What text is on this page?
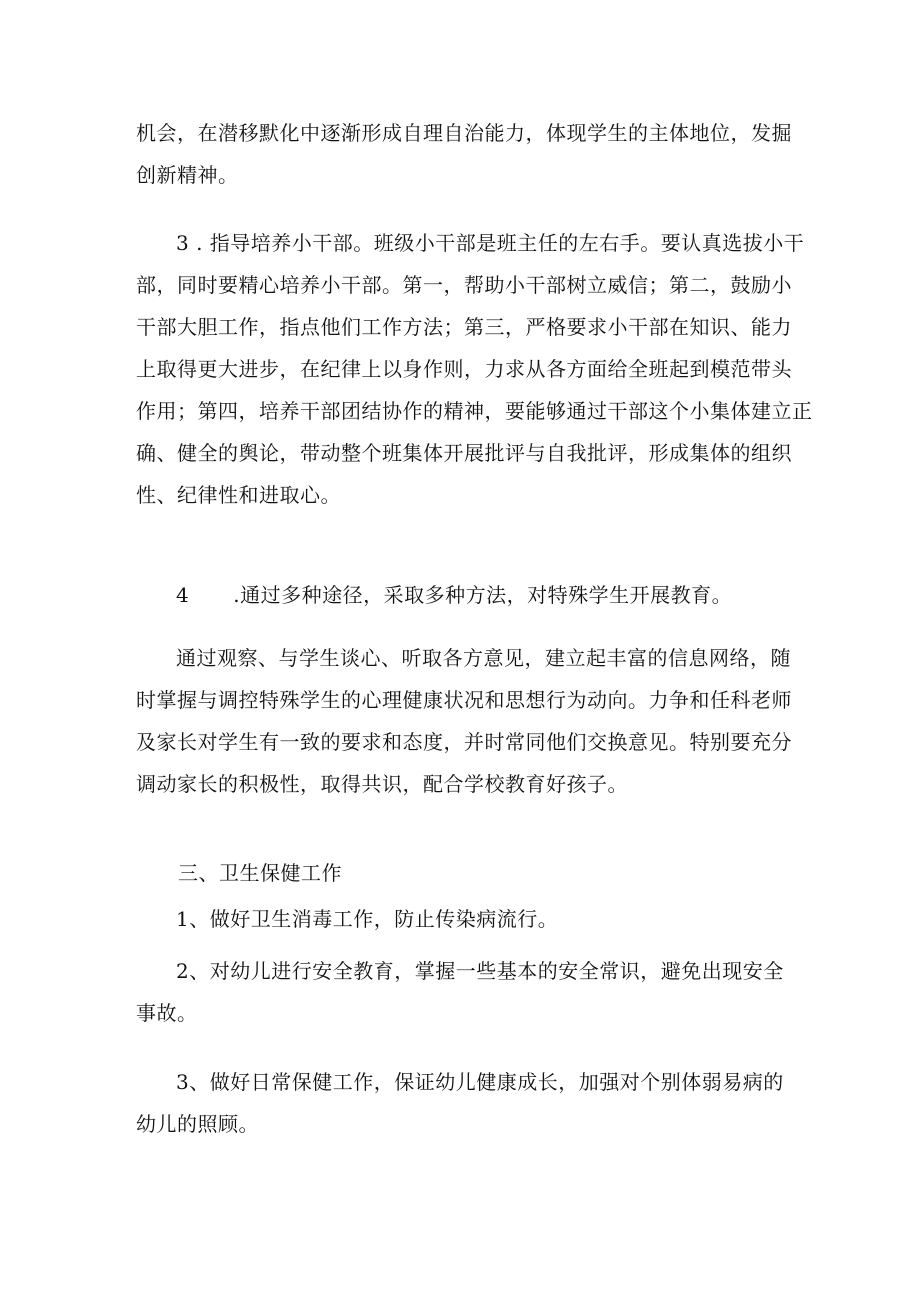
机会，在潜移默化中逐渐形成自理自治能力，体现学生的主体地位，发掘
创新精神。

3 . 指导培养小干部。班级小干部是班主任的左右手。要认真选拔小干
部，同时要精心培养小干部。第一，帮助小干部树立威信；第二，鼓励小
干部大胆工作，指点他们工作方法；第三，严格要求小干部在知识、能力
上取得更大进步，在纪律上以身作则，力求从各方面给全班起到模范带头
作用；第四，培养干部团结协作的精神，要能够通过干部这个小集体建立正
确、健全的舆论，带动整个班集体开展批评与自我批评，形成集体的组织
性、纪律性和进取心。

4 .通过多种途径，采取多种方法，对特殊学生开展教育。

通过观察、与学生谈心、听取各方意见，建立起丰富的信息网络，随
时掌握与调控特殊学生的心理健康状况和思想行为动向。力争和任科老师
及家长对学生有一致的要求和态度，并时常同他们交换意见。特别要充分
调动家长的积极性，取得共识，配合学校教育好孩子。

三、卫生保健工作

1、做好卫生消毒工作，防止传染病流行。

2、对幼儿进行安全教育，掌握一些基本的安全常识，避免出现安全
事故。

3、做好日常保健工作，保证幼儿健康成长，加强对个别体弱易病的
幼儿的照顾。
